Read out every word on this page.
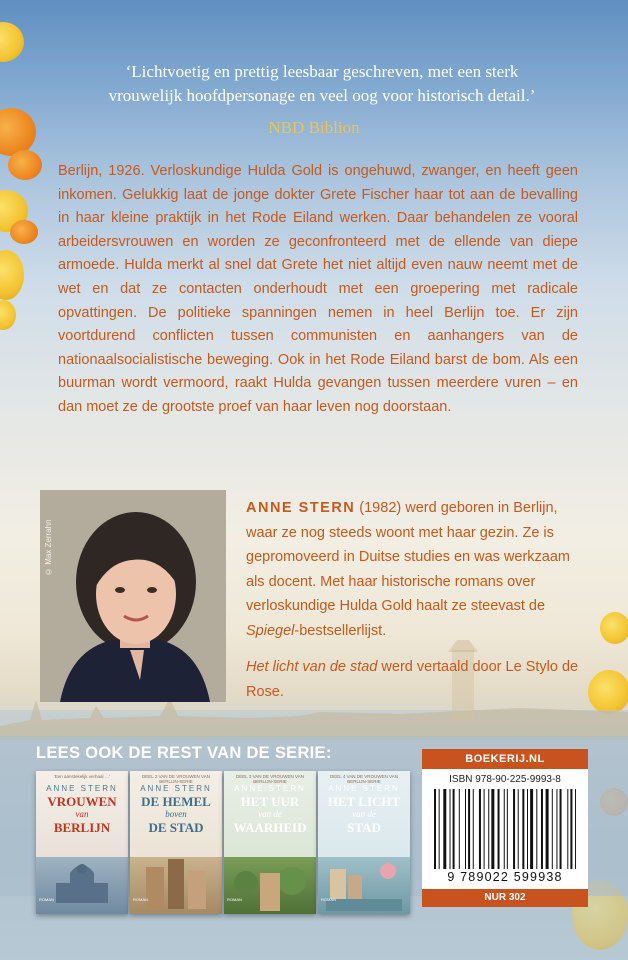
‘Lichtvoetig en prettig leesbaar geschreven, met een sterk
vrouwelijk hoofdpersonage en veel oog voor historisch detail.’
NBD Biblion

Berlijn, 1926. Verloskundige Hulda Gold is ongehuwd, zwanger, en heeft geen inkomen. Gelukkig laat de jonge dokter Grete Fischer haar tot aan de bevalling in haar kleine praktijk in het Rode Eiland werken. Daar behandelen ze vooral arbeidersvrouwen en worden ze geconfronteerd met de ellende van diepe armoede. Hulda merkt al snel dat Grete het niet altijd even nauw neemt met de wet en dat ze contacten onderhoudt met een groepering met radicale opvattingen. De politieke spanningen nemen in heel Berlijn toe. Er zijn voortdurend conflicten tussen communisten en aanhangers van de nationaalsocialistische beweging. Ook in het Rode Eiland barst de bom. Als een buurman wordt vermoord, raakt Hulda gevangen tussen meerdere vuren – en dan moet ze de grootste proef van haar leven nog doorstaan.

© Max Zerrahn

ANNE STERN (1982) werd geboren in Berlijn, waar ze nog steeds woont met haar gezin. Ze is gepromoveerd in Duitse studies en was werkzaam als docent. Met haar historische romans over verloskundige Hulda Gold haalt ze steevast de Spiegel-bestsellerlijst.

Het licht van de stad werd vertaald door Le Stylo de Rose.

LEES OOK DE REST VAN DE SERIE:
‘Een aanstekelijk verhaal …’
ANNE STERN
VROUWEN
van
BERLIJN
ROMAN
DEEL 2 VAN DE VROUWEN VAN BERLIJN-SERIE
ANNE STERN
DE HEMEL
boven
DE STAD
ROMAN
DEEL 3 VAN DE VROUWEN VAN BERLIJN-SERIE
ANNE STERN
HET UUR
van de
WAARHEID
ROMAN
DEEL 4 VAN DE VROUWEN VAN BERLIJN-SERIE
ANNE STERN
HET LICHT
van de
STAD
ROMAN
BOEKERIJ.NL
ISBN 978-90-225-9993-8
9 789022 599938
NUR 302
